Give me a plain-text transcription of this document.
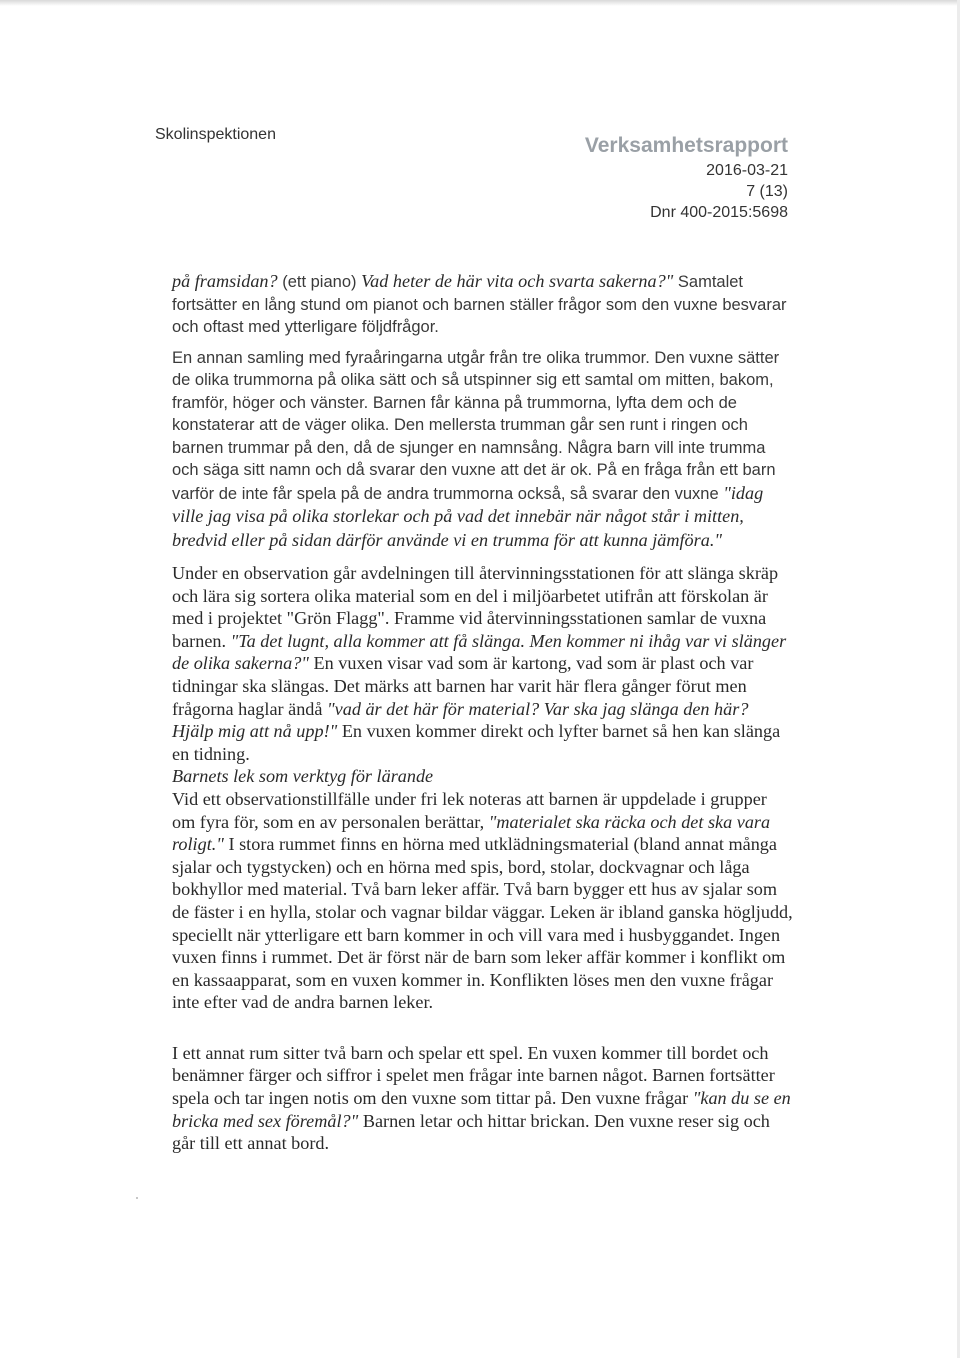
Skolinspektionen	Verksamhetsrapport
2016-03-21
7 (13)
Dnr 400-2015:5698

på framsidan? (ett piano) Vad heter de här vita och svarta sakerna?" Samtalet fortsätter en lång stund om pianot och barnen ställer frågor som den vuxne besvarar och oftast med ytterligare följdfrågor.

En annan samling med fyraåringarna utgår från tre olika trummor. Den vuxne sätter de olika trummorna på olika sätt och så utspinner sig ett samtal om mitten, bakom, framför, höger och vänster. Barnen får känna på trummorna, lyfta dem och de konstaterar att de väger olika. Den mellersta trumman går sen runt i ringen och barnen trummar på den, då de sjunger en namnsång. Några barn vill inte trumma och säga sitt namn och då svarar den vuxne att det är ok. På en fråga från ett barn varför de inte får spela på de andra trummorna också, så svarar den vuxne "idag ville jag visa på olika storlekar och på vad det innebär när något står i mitten, bredvid eller på sidan därför använde vi en trumma för att kunna jämföra."

Under en observation går avdelningen till återvinningsstationen för att slänga skräp och lära sig sortera olika material som en del i miljöarbetet utifrån att förskolan är med i projektet "Grön Flagg". Framme vid återvinningsstationen samlar de vuxna barnen. "Ta det lugnt, alla kommer att få slänga. Men kommer ni ihåg var vi slänger de olika sakerna?" En vuxen visar vad som är kartong, vad som är plast och var tidningar ska slängas. Det märks att barnen har varit här flera gånger förut men frågorna haglar ändå "vad är det här för material? Var ska jag slänga den här? Hjälp mig att nå upp!" En vuxen kommer direkt och lyfter barnet så hen kan slänga en tidning.

Barnets lek som verktyg för lärande

Vid ett observationstillfälle under fri lek noteras att barnen är uppdelade i grupper om fyra för, som en av personalen berättar, "materialet ska räcka och det ska vara roligt." I stora rummet finns en hörna med utklädningsmaterial (bland annat många sjalar och tygstycken) och en hörna med spis, bord, stolar, dockvagnar och låga bokhyllor med material. Två barn leker affär. Två barn bygger ett hus av sjalar som de fäster i en hylla, stolar och vagnar bildar väggar. Leken är ibland ganska högljudd, speciellt när ytterligare ett barn kommer in och vill vara med i husbyggandet. Ingen vuxen finns i rummet. Det är först när de barn som leker affär kommer i konflikt om en kassaapparat, som en vuxen kommer in. Konflikten löses men den vuxne frågar inte efter vad de andra barnen leker.

I ett annat rum sitter två barn och spelar ett spel. En vuxen kommer till bordet och benämner färger och siffror i spelet men frågar inte barnen något. Barnen fortsätter spela och tar ingen notis om den vuxne som tittar på. Den vuxne frågar "kan du se en bricka med sex föremål?" Barnen letar och hittar brickan. Den vuxne reser sig och går till ett annat bord.
